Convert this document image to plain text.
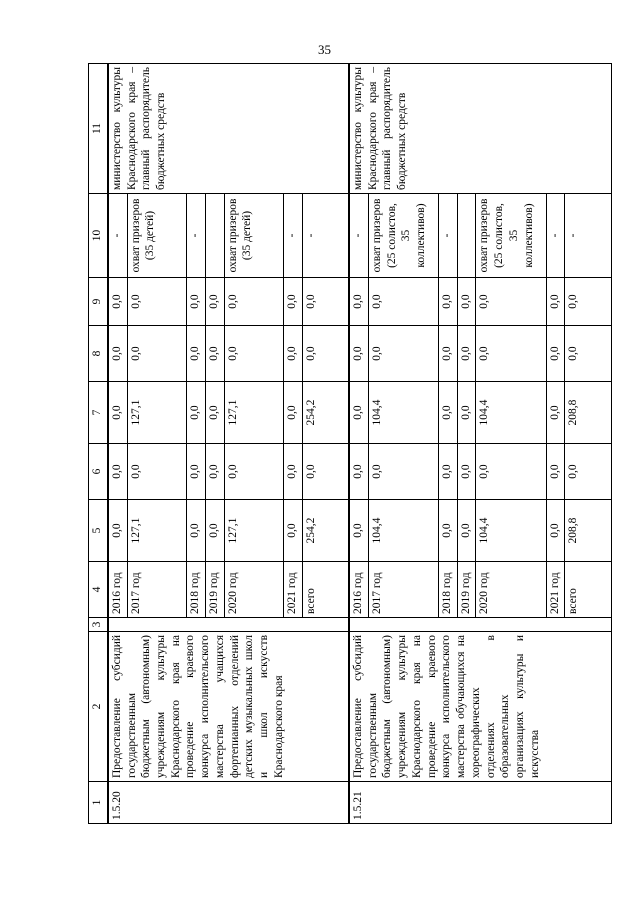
35
1	2	3	4	5	6	7	8	9	10	11
1.5.20	Предоставление субсидий государственным бюджетным (автономным) учреждениям культуры Краснодарского края на проведение краевого конкурса исполнительского мастерства учащихся фортепианных отделений детских музыкальных школ и школ искусств Краснодарского края		2016 год	0,0	0,0	0,0	0,0	0,0	-	министерство культуры Краснодарского края – главный распорядитель бюджетных средств
			2017 год	127,1	0,0	127,1	0,0	0,0	охват призеров (35 детей)	
			2018 год	0,0	0,0	0,0	0,0	0,0	-	
			2019 год	0,0	0,0	0,0	0,0	0,0		
			2020 год	127,1	0,0	127,1	0,0	0,0	охват призеров (35 детей)	
			2021 год	0,0	0,0	0,0	0,0	0,0	-	
			всего	254,2	0,0	254,2	0,0	0,0	-	
1.5.21	Предоставление субсидий государственным бюджетным (автономным) учреждениям культуры Краснодарского края на проведение краевого конкурса исполнительского мастерства обучающихся на хореографических отделениях в образовательных организациях культуры и искусства		2016 год	0,0	0,0	0,0	0,0	0,0	-	министерство культуры Краснодарского края – главный распорядитель бюджетных средств
			2017 год	104,4	0,0	104,4	0,0	0,0	охват призеров (25 солистов, 35 коллективов)	
			2018 год	0,0	0,0	0,0	0,0	0,0	-	
			2019 год	0,0	0,0	0,0	0,0	0,0		
			2020 год	104,4	0,0	104,4	0,0	0,0	охват призеров (25 солистов, 35 коллективов)	
			2021 год	0,0	0,0	0,0	0,0	0,0	-	
			всего	208,8	0,0	208,8	0,0	0,0	-	
